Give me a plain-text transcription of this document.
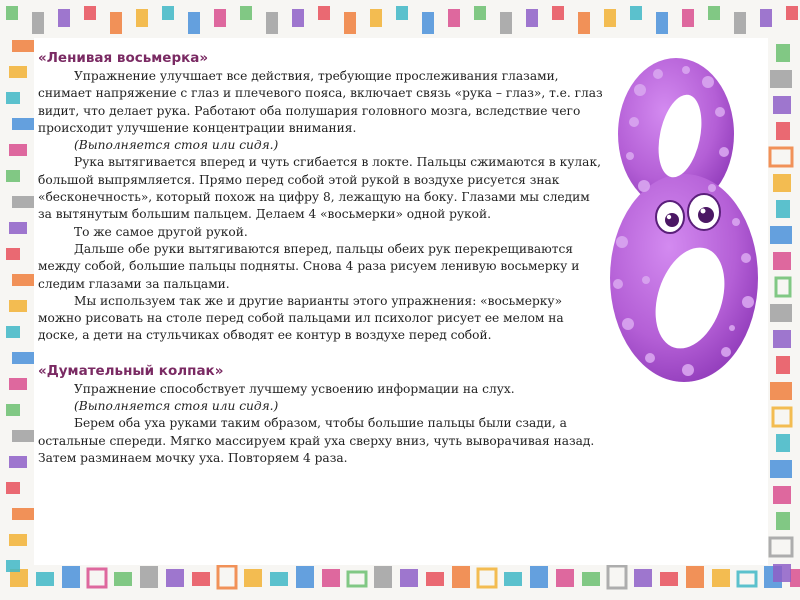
«Ленивая восьмерка»

Упражнение улучшает все действия, требующие прослеживания глазами, снимает напряжение с глаз и плечевого пояса, включает связь «рука – глаз», т.е. глаз видит, что делает рука. Работают оба полушария головного мозга, вследствие чего происходит улучшение концентрации внимания.

(Выполняется стоя или сидя.)

Рука вытягивается вперед и чуть сгибается в локте. Пальцы сжимаются в кулак, большой выпрямляется. Прямо перед собой этой рукой в воздухе рисуется знак «бесконечность», который похож на цифру 8, лежащую на боку. Глазами мы следим за вытянутым большим пальцем. Делаем 4 «восьмерки» одной рукой.

То же самое другой рукой.

Дальше обе руки вытягиваются вперед, пальцы обеих рук перекрещиваются между собой, большие пальцы подняты. Снова 4 раза рисуем ленивую восьмерку и следим глазами за пальцами.

Мы используем так же и другие варианты этого упражнения: «восьмерку» можно рисовать на столе перед собой пальцами ил психолог рисует ее мелом на доске, а дети на стульчиках обводят ее контур в воздухе перед собой.

«Думательный колпак»

Упражнение способствует лучшему усвоению информации на слух.

(Выполняется стоя или сидя.)

Берем оба уха руками таким образом, чтобы большие пальцы были сзади, а остальные спереди. Мягко массируем край уха сверху вниз, чуть выворачивая назад. Затем разминаем мочку уха. Повторяем 4 раза.
